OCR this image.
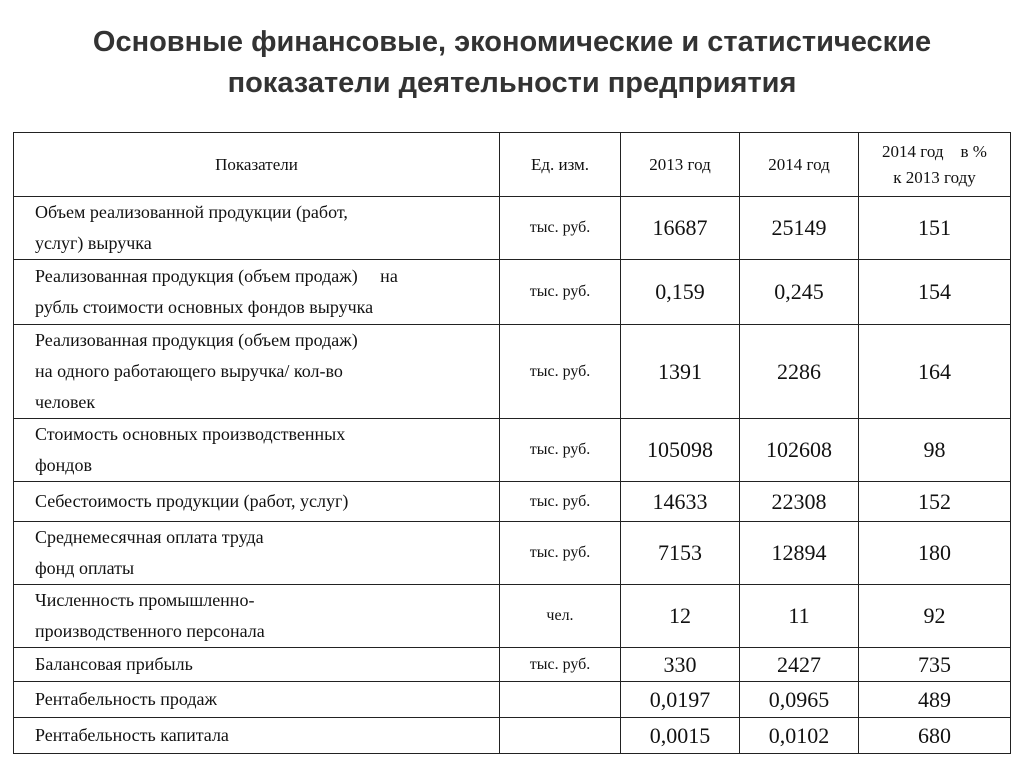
Основные финансовые, экономические и статистические
показатели деятельности предприятия
Показатели	Ед. изм.	2013 год	2014 год	2014 год    в %
к 2013 году

Объем реализованной продукции (работ,
услуг) выручка	тыс. руб.	16687	25149	151

Реализованная продукция (объем продаж)     на
рубль стоимости основных фондов выручка	тыс. руб.	0,159	0,245	154

Реализованная продукция (объем продаж)
на одного работающего выручка/ кол-во
человек	тыс. руб.	1391	2286	164

Стоимость основных производственных
фондов	тыс. руб.	105098	102608	98

Себестоимость продукции (работ, услуг)	тыс. руб.	14633	22308	152

Среднемесячная оплата труда
фонд оплаты	тыс. руб.	7153	12894	180

Численность промышленно-
производственного персонала	чел.	12	11	92

Балансовая прибыль	тыс. руб.	330	2427	735

Рентабельность продаж		0,0197	0,0965	489

Рентабельность капитала		0,0015	0,0102	680
